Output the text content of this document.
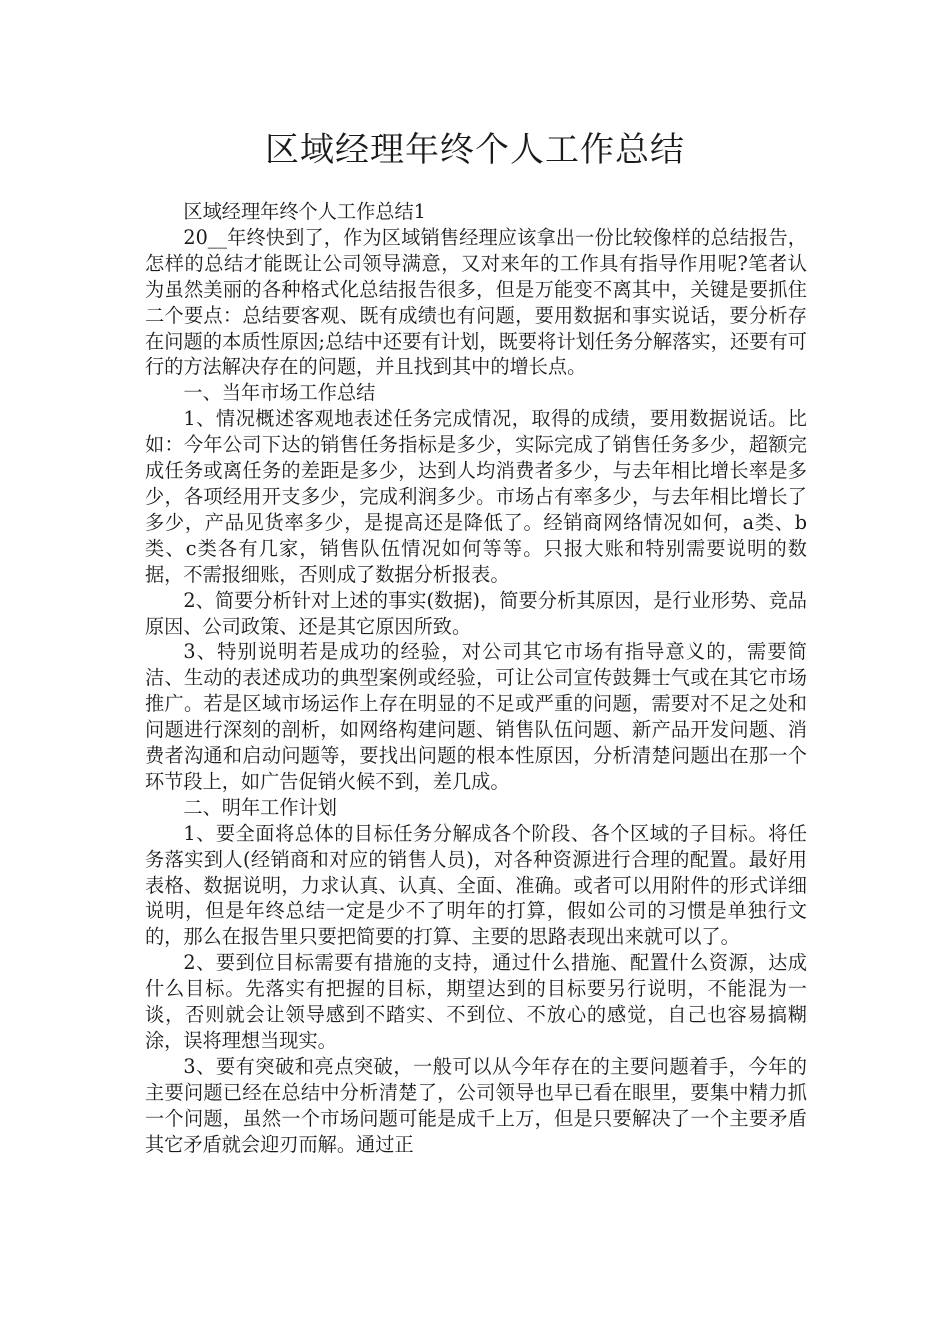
区域经理年终个人工作总结

区域经理年终个人工作总结1

20__年终快到了，作为区域销售经理应该拿出一份比较像样的总结报告，怎样的总结才能既让公司领导满意，又对来年的工作具有指导作用呢?笔者认为虽然美丽的各种格式化总结报告很多，但是万能变不离其中，关键是要抓住二个要点：总结要客观、既有成绩也有问题，要用数据和事实说话，要分析存在问题的本质性原因;总结中还要有计划，既要将计划任务分解落实，还要有可行的方法解决存在的问题，并且找到其中的增长点。

一、当年市场工作总结

1、情况概述客观地表述任务完成情况，取得的成绩，要用数据说话。比如：今年公司下达的销售任务指标是多少，实际完成了销售任务多少，超额完成任务或离任务的差距是多少，达到人均消费者多少，与去年相比增长率是多少，各项经用开支多少，完成利润多少。市场占有率多少，与去年相比增长了多少，产品见货率多少，是提高还是降低了。经销商网络情况如何，a类、b类、c类各有几家，销售队伍情况如何等等。只报大账和特别需要说明的数据，不需报细账，否则成了数据分析报表。

2、简要分析针对上述的事实(数据)，简要分析其原因，是行业形势、竞品原因、公司政策、还是其它原因所致。

3、特别说明若是成功的经验，对公司其它市场有指导意义的，需要简洁、生动的表述成功的典型案例或经验，可让公司宣传鼓舞士气或在其它市场推广。若是区域市场运作上存在明显的不足或严重的问题，需要对不足之处和问题进行深刻的剖析，如网络构建问题、销售队伍问题、新产品开发问题、消费者沟通和启动问题等，要找出问题的根本性原因，分析清楚问题出在那一个环节段上，如广告促销火候不到，差几成。

二、明年工作计划

1、要全面将总体的目标任务分解成各个阶段、各个区域的子目标。将任务落实到人(经销商和对应的销售人员)，对各种资源进行合理的配置。最好用表格、数据说明，力求认真、认真、全面、准确。或者可以用附件的形式详细说明，但是年终总结一定是少不了明年的打算，假如公司的习惯是单独行文的，那么在报告里只要把简要的打算、主要的思路表现出来就可以了。

2、要到位目标需要有措施的支持，通过什么措施、配置什么资源，达成什么目标。先落实有把握的目标，期望达到的目标要另行说明，不能混为一谈，否则就会让领导感到不踏实、不到位、不放心的感觉，自己也容易搞糊涂，误将理想当现实。

3、要有突破和亮点突破，一般可以从今年存在的主要问题着手，今年的主要问题已经在总结中分析清楚了，公司领导也早已看在眼里，要集中精力抓一个问题，虽然一个市场问题可能是成千上万，但是只要解决了一个主要矛盾其它矛盾就会迎刃而解。通过正
